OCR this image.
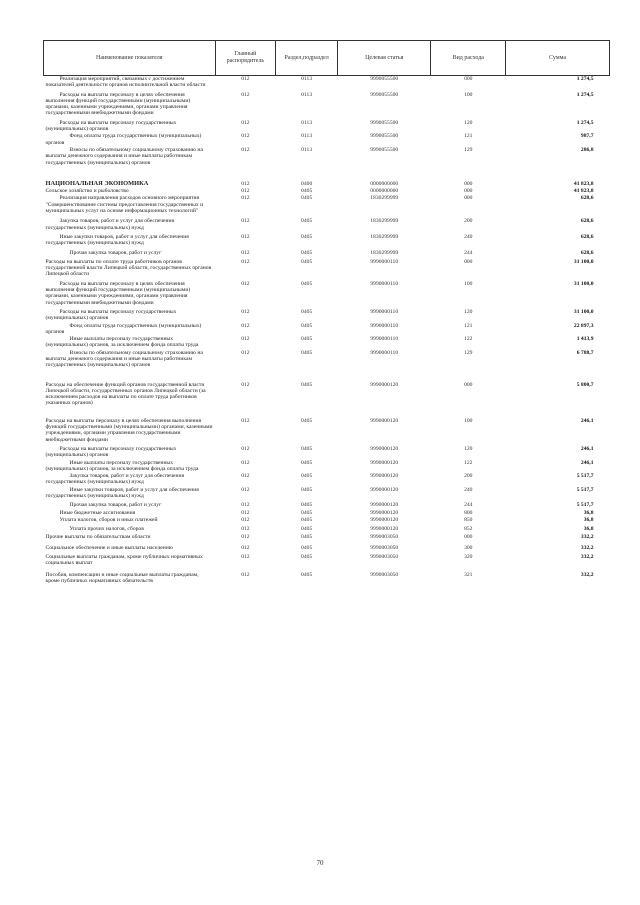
Наименование показателя	Главный распорядитель	Раздел,подраздел	Целевая статья	Вид расхода	Сумма
Реализация мероприятий, связанных с достижением показателей деятельности органов исполнительной власти области	012	0113	9990055500	000	1 274,5
Расходы на выплаты персоналу в целях обеспечения выполнения функций государственными (муниципальными) органами, казенными учреждениями, органами управления государственными внебюджетными фондами	012	0113	9990055500	100	1 274,5
Расходы на выплаты персоналу государственных (муниципальных) органов	012	0113	9990055500	120	1 274,5
Фонд оплаты труда государственных (муниципальных) органов	012	0113	9990055500	121	987,7
Взносы по обязательному социальному страхованию на выплаты денежного содержания и иные выплаты работникам государственных (муниципальных) органов	012	0113	9990055500	129	286,8
НАЦИОНАЛЬНАЯ ЭКОНОМИКА	012	0400	0000000000	000	41 823,8
Сельское хозяйство и рыболовство	012	0405	0000000000	000	41 823,8
Реализация направления расходов основного мероприятия "Совершенствование системы предоставления государственных и муниципальных услуг на основе информационных технологий"	012	0405	1830299999	000	628,6
Закупка товаров, работ и услуг для обеспечения государственных (муниципальных) нужд	012	0405	1830299999	200	628,6
Иные закупки товаров, работ и услуг для обеспечения государственных (муниципальных) нужд	012	0405	1830299999	240	628,6
Прочая закупка товаров, работ и услуг	012	0405	1830299999	244	628,6
Расходы на выплаты по оплате труда работников органов государственной власти Липецкой области, государственных органов Липецкой области	012	0405	9990000110	000	31 100,0
Расходы на выплаты персоналу в целях обеспечения выполнения функций государственными (муниципальными) органами, казенными учреждениями, органами управления государственными внебюджетными фондами	012	0405	9990000110	100	31 100,0
Расходы на выплаты персоналу государственных (муниципальных) органов	012	0405	9990000110	120	31 100,0
Фонд оплаты труда государственных (муниципальных) органов	012	0405	9990000110	121	22 897,3
Иные выплаты персоналу государственных (муниципальных) органов, за исключением фонда оплаты труда	012	0405	9990000110	122	1 413,9
Взносы по обязательному социальному страхованию на выплаты денежного содержания и иные выплаты работникам государственных (муниципальных) органов	012	0405	9990000110	129	6 788,7
Расходы на обеспечение функций органов государственной власти Липецкой области, государственных органов Липецкой области (за исключением расходов на выплаты по оплате труда работников указанных органов)	012	0405	9990000120	000	5 800,7
Расходы на выплаты персоналу в целях обеспечения выполнения функций государственными (муниципальными) органами, казенными учреждениями, органами управления государственными внебюджетными фондами	012	0405	9990000120	100	246,1
Расходы на выплаты персоналу государственных (муниципальных) органов	012	0405	9990000120	120	246,1
Иные выплаты персоналу государственных (муниципальных) органов, за исключением фонда оплаты труда	012	0405	9990000120	122	246,1
Закупка товаров, работ и услуг для обеспечения государственных (муниципальных) нужд	012	0405	9990000120	200	5 517,7
Иные закупки товаров, работ и услуг для обеспечения государственных (муниципальных) нужд	012	0405	9990000120	240	5 517,7
Прочая закупка товаров, работ и услуг	012	0405	9990000120	244	5 517,7
Иные бюджетные ассигнования	012	0405	9990000120	800	36,8
Уплата налогов, сборов и иных платежей	012	0405	9990000120	850	36,8
Уплата прочих налогов, сборов	012	0405	9990000120	852	36,8
Прочие выплаты по обязательствам области	012	0405	9990003050	000	332,2
Социальное обеспечение и иные выплаты населению	012	0405	9990003050	300	332,2
Социальные выплаты гражданам, кроме публичных нормативных социальных выплат	012	0405	9990003050	320	332,2
Пособия, компенсации и иные социальные выплаты гражданам, кроме публичных нормативных обязательств	012	0405	9990003050	321	332,2
70
